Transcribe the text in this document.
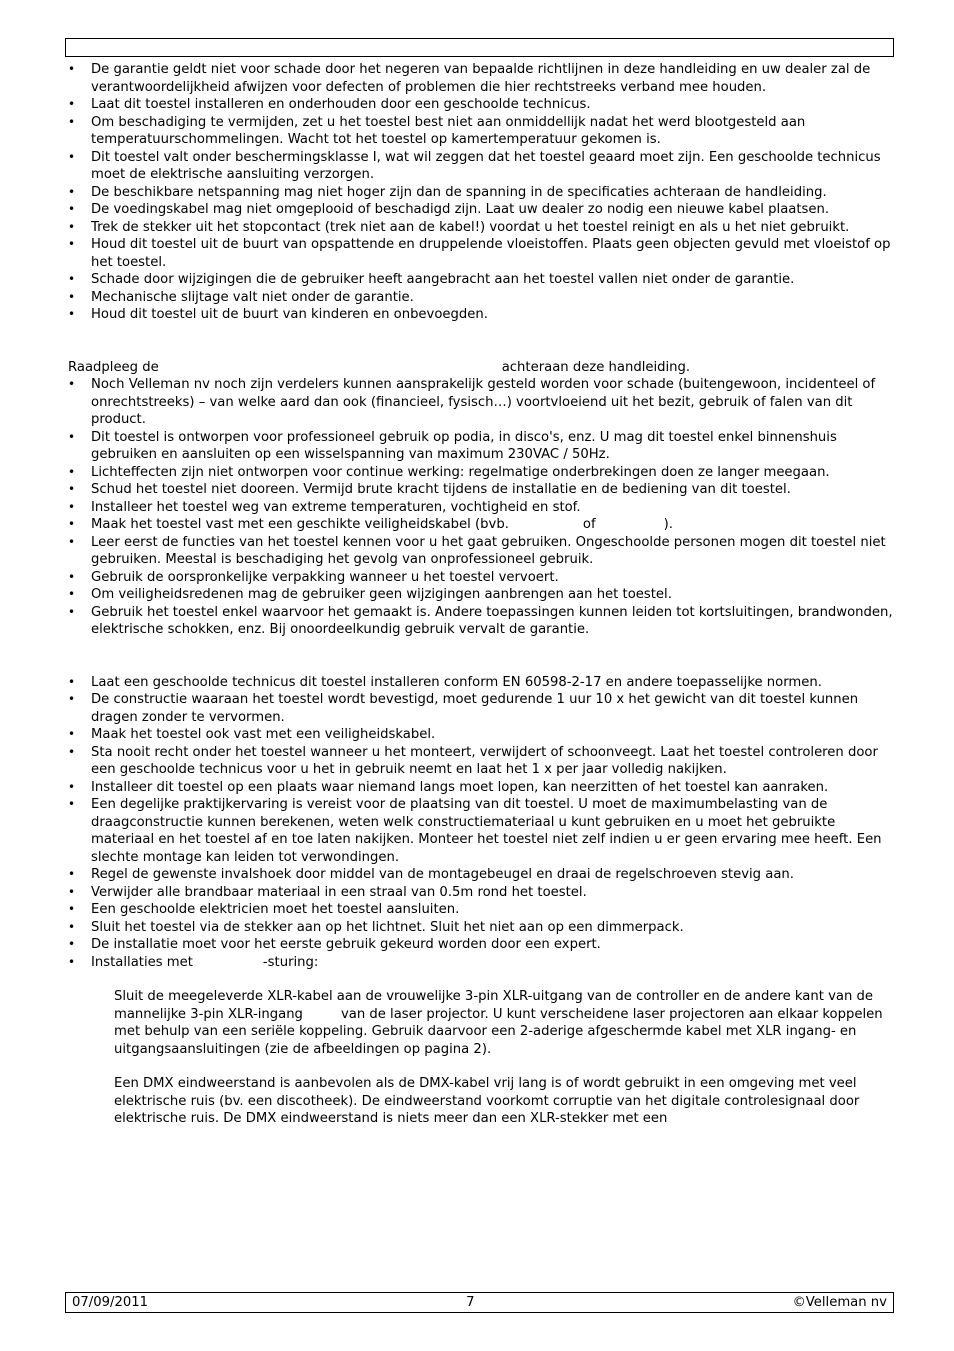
• De garantie geldt niet voor schade door het negeren van bepaalde richtlijnen in deze handleiding en uw dealer zal de verantwoordelijkheid afwijzen voor defecten of problemen die hier rechtstreeks verband mee houden.
• Laat dit toestel installeren en onderhouden door een geschoolde technicus.
• Om beschadiging te vermijden, zet u het toestel best niet aan onmiddellijk nadat het werd blootgesteld aan temperatuurschommelingen. Wacht tot het toestel op kamertemperatuur gekomen is.
• Dit toestel valt onder beschermingsklasse I, wat wil zeggen dat het toestel geaard moet zijn. Een geschoolde technicus moet de elektrische aansluiting verzorgen.
• De beschikbare netspanning mag niet hoger zijn dan de spanning in de specificaties achteraan de handleiding.
• De voedingskabel mag niet omgeplooid of beschadigd zijn. Laat uw dealer zo nodig een nieuwe kabel plaatsen.
• Trek de stekker uit het stopcontact (trek niet aan de kabel!) voordat u het toestel reinigt en als u het niet gebruikt.
• Houd dit toestel uit de buurt van opspattende en druppelende vloeistoffen. Plaats geen objecten gevuld met vloeistof op het toestel.
• Schade door wijzigingen die de gebruiker heeft aangebracht aan het toestel vallen niet onder de garantie.
• Mechanische slijtage valt niet onder de garantie.
• Houd dit toestel uit de buurt van kinderen en onbevoegden.
Raadpleeg de	achteraan deze handleiding.
• Noch Velleman nv noch zijn verdelers kunnen aansprakelijk gesteld worden voor schade (buitengewoon, incidenteel of onrechtstreeks) – van welke aard dan ook (financieel, fysisch…) voortvloeiend uit het bezit, gebruik of falen van dit product.
• Dit toestel is ontworpen voor professioneel gebruik op podia, in disco's, enz. U mag dit toestel enkel binnenshuis gebruiken en aansluiten op een wisselspanning van maximum 230VAC / 50Hz.
• Lichteffecten zijn niet ontworpen voor continue werking: regelmatige onderbrekingen doen ze langer meegaan.
• Schud het toestel niet dooreen. Vermijd brute kracht tijdens de installatie en de bediening van dit toestel.
• Installeer het toestel weg van extreme temperaturen, vochtigheid en stof.
• Maak het toestel vast met een geschikte veiligheidskabel (bvb.	of	).
• Leer eerst de functies van het toestel kennen voor u het gaat gebruiken. Ongeschoolde personen mogen dit toestel niet gebruiken. Meestal is beschadiging het gevolg van onprofessioneel gebruik.
• Gebruik de oorspronkelijke verpakking wanneer u het toestel vervoert.
• Om veiligheidsredenen mag de gebruiker geen wijzigingen aanbrengen aan het toestel.
• Gebruik het toestel enkel waarvoor het gemaakt is. Andere toepassingen kunnen leiden tot kortsluitingen, brandwonden, elektrische schokken, enz. Bij onoordeelkundig gebruik vervalt de garantie.
• Laat een geschoolde technicus dit toestel installeren conform EN 60598-2-17 en andere toepasselijke normen.
• De constructie waaraan het toestel wordt bevestigd, moet gedurende 1 uur 10 x het gewicht van dit toestel kunnen dragen zonder te vervormen.
• Maak het toestel ook vast met een veiligheidskabel.
• Sta nooit recht onder het toestel wanneer u het monteert, verwijdert of schoonveegt. Laat het toestel controleren door een geschoolde technicus voor u het in gebruik neemt en laat het 1 x per jaar volledig nakijken.
• Installeer dit toestel op een plaats waar niemand langs moet lopen, kan neerzitten of het toestel kan aanraken.
• Een degelijke praktijkervaring is vereist voor de plaatsing van dit toestel. U moet de maximumbelasting van de draagconstructie kunnen berekenen, weten welk constructiemateriaal u kunt gebruiken en u moet het gebruikte materiaal en het toestel af en toe laten nakijken. Monteer het toestel niet zelf indien u er geen ervaring mee heeft. Een slechte montage kan leiden tot verwondingen.
• Regel de gewenste invalshoek door middel van de montagebeugel en draai de regelschroeven stevig aan.
• Verwijder alle brandbaar materiaal in een straal van 0.5m rond het toestel.
• Een geschoolde elektricien moet het toestel aansluiten.
• Sluit het toestel via de stekker aan op het lichtnet. Sluit het niet aan op een dimmerpack.
• De installatie moet voor het eerste gebruik gekeurd worden door een expert.
• Installaties met	-sturing:
Sluit de meegeleverde XLR-kabel aan de vrouwelijke 3-pin XLR-uitgang van de controller en de andere kant van de mannelijke 3-pin XLR-ingang	van de laser projector. U kunt verscheidene laser projectoren aan elkaar koppelen met behulp van een seriële koppeling. Gebruik daarvoor een 2-aderige afgeschermde kabel met XLR ingang- en uitgangsaansluitingen (zie de afbeeldingen op pagina 2).
Een DMX eindweerstand is aanbevolen als de DMX-kabel vrij lang is of wordt gebruikt in een omgeving met veel elektrische ruis (bv. een discotheek). De eindweerstand voorkomt corruptie van het digitale controlesignaal door elektrische ruis. De DMX eindweerstand is niets meer dan een XLR-stekker met een
07/09/2011	7	©Velleman nv
